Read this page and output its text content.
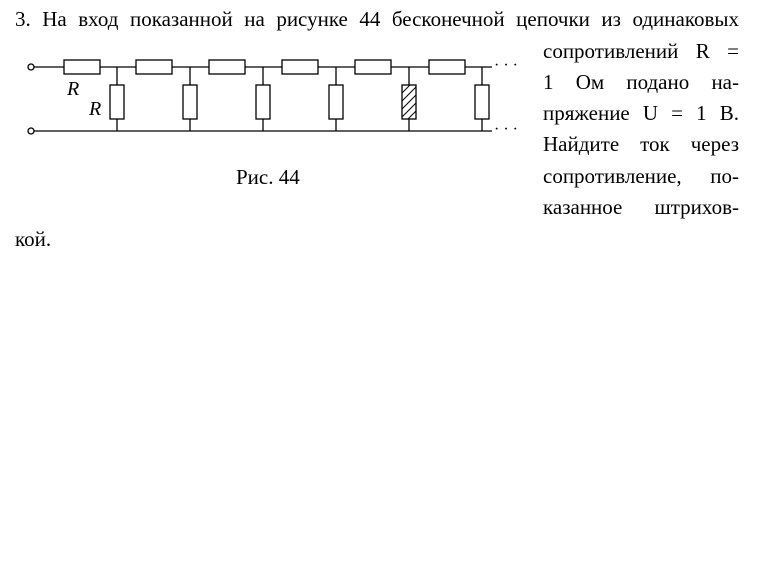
3. На вход показанной на рисунке 44 бесконечной цепочки из одинаковых
сопротивлений R =
1 Ом подано на-
пряжение U = 1 В.
Найдите ток через
сопротивление, по-
казанное штрихов-
кой.
R
R
· · ·
· · ·
Рис. 44
